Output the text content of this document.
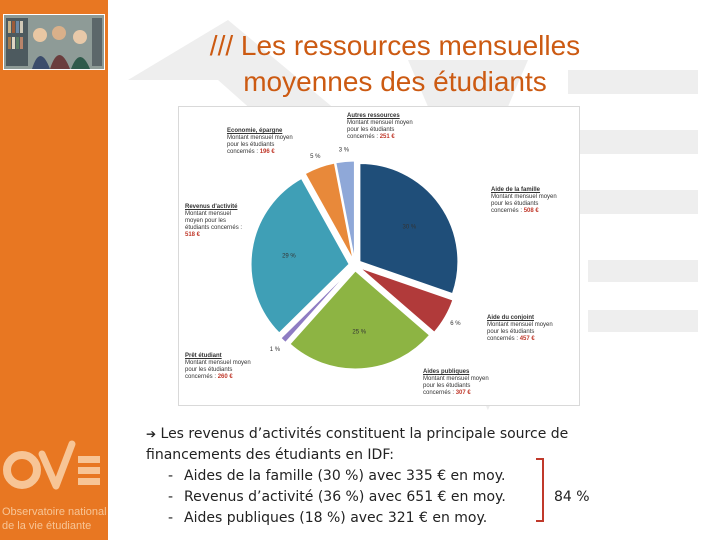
Observatoire national
de la vie étudiante
/// Les ressources mensuelles
moyennes des étudiants
30 %
6 %
25 %
1 %
29 %
5 %
3 %
Autres ressources
Montant mensuel moyen
pour les étudiants
concernés : 251 €
Economie, épargne
Montant mensuel moyen
pour les étudiants
concernés : 196 €
Aide de la famille
Montant mensuel moyen
pour les étudiants
concernés : 508 €
Revenus d'activité
Montant mensuel
moyen pour les
étudiants concernés :
518 €
Aide du conjoint
Montant mensuel moyen
pour les étudiants
concernés : 457 €
Prêt étudiant
Montant mensuel moyen
pour les étudiants
concernés : 260 €
Aides publiques
Montant mensuel moyen
pour les étudiants
concernés : 307 €
➔ Les revenus d’activités constituent la principale source de
financements des étudiants en IDF:
- Aides de la famille (30 %) avec 335 € en moy.
- Revenus d’activité (36 %) avec 651 € en moy.
- Aides publiques (18 %) avec 321 € en moy.
84 %
